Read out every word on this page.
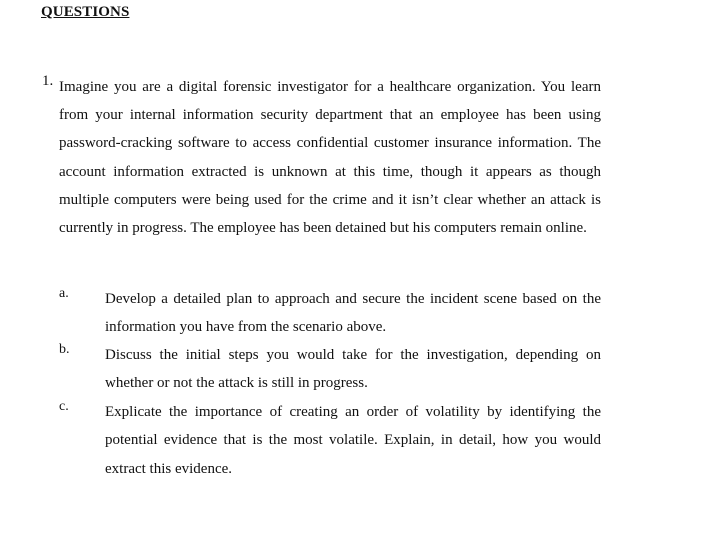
QUESTIONS
1. Imagine you are a digital forensic investigator for a healthcare organization. You learn from your internal information security department that an employee has been using password-cracking software to access confidential customer insurance information. The account information extracted is unknown at this time, though it appears as though multiple computers were being used for the crime and it isn’t clear whether an attack is currently in progress. The employee has been detained but his computers remain online.
a. Develop a detailed plan to approach and secure the incident scene based on the information you have from the scenario above.
b. Discuss the initial steps you would take for the investigation, depending on whether or not the attack is still in progress.
c. Explicate the importance of creating an order of volatility by identifying the potential evidence that is the most volatile. Explain, in detail, how you would extract this evidence.
